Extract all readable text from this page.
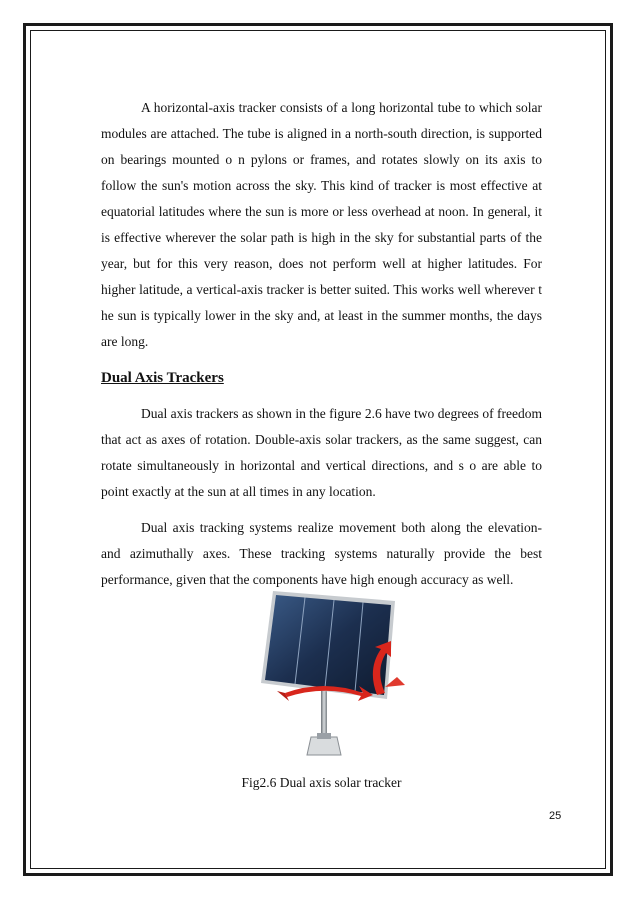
A horizontal-axis tracker consists of a long horizontal tube to which solar modules are attached. The tube is aligned in a north-south direction, is supported on bearings mounted o n pylons or frames, and rotates slowly on its axis to follow the sun's motion across the sky. This kind of tracker is most effective at equatorial latitudes where the sun is more or less overhead at noon. In general, it is effective wherever the solar path is high in the sky for substantial parts of the year, but for this very reason, does not perform well at higher latitudes. For higher latitude, a vertical-axis tracker is better suited. This works well wherever t he sun is typically lower in the sky and, at least in the summer months, the days are long.

Dual Axis Trackers

Dual axis trackers as shown in the figure 2.6 have two degrees of freedom that act as axes of rotation. Double-axis solar trackers, as the same suggest, can rotate simultaneously in horizontal and vertical directions, and s o are able to point exactly at the sun at all times in any location.

Dual axis tracking systems realize movement both along the elevation- and azimuthally axes. These tracking systems naturally provide the best performance, given that the components have high enough accuracy as well.

Fig2.6 Dual axis solar tracker
25
